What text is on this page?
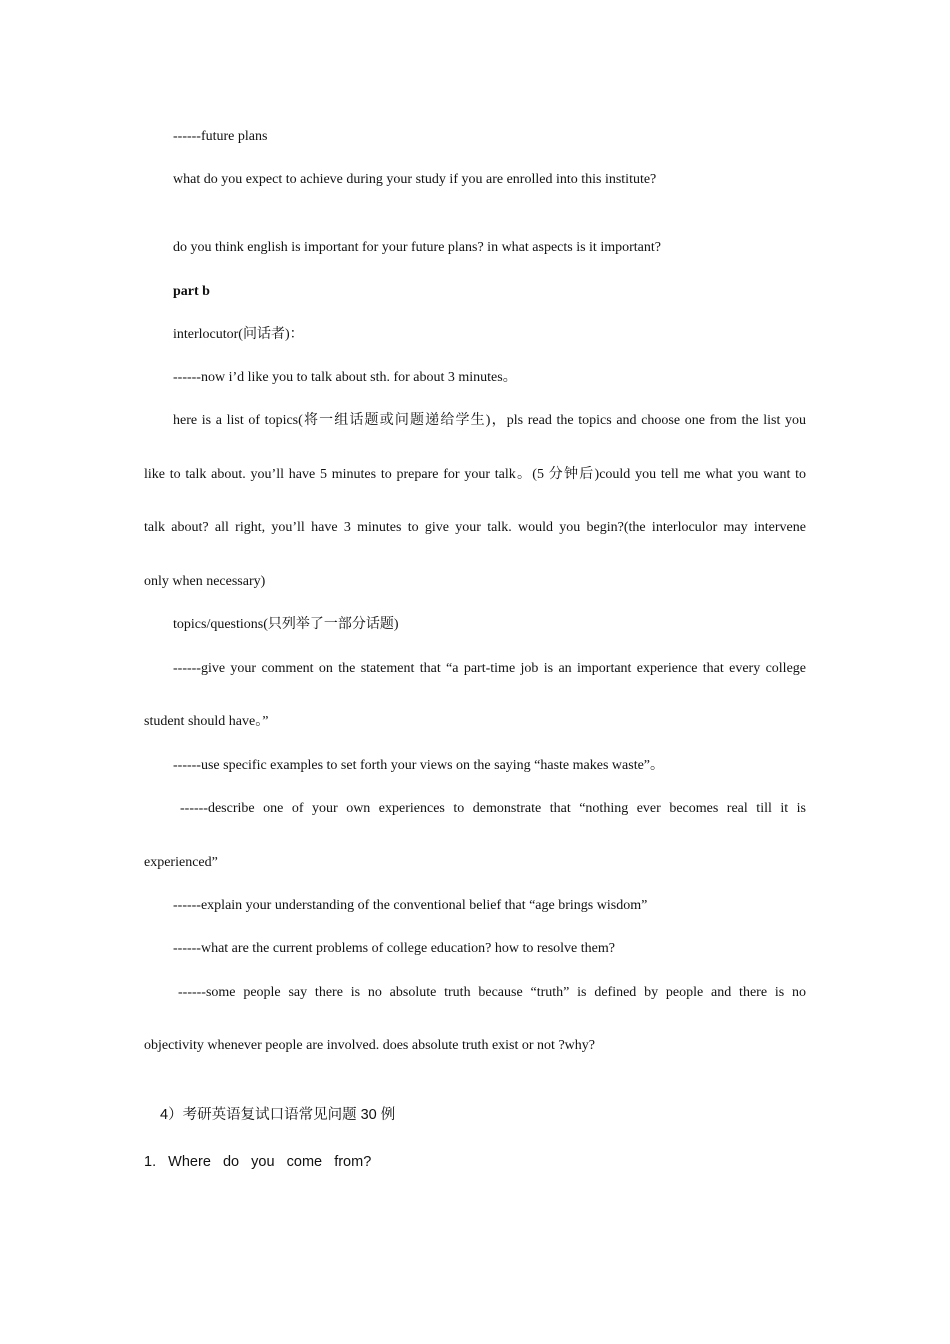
------future plans

what do you expect to achieve during your study if you are enrolled into this institute?

do you think english is important for your future plans? in what aspects is it important?

part b

interlocutor(问话者)：

------now i’d like you to talk about sth. for about 3 minutes。

here is a list of topics(将一组话题或问题递给学生)，pls read the topics and choose one from the list you

like to talk about. you’ll have 5 minutes to prepare for your talk。(5 分钟后)could you tell me what you want to

talk about? all right, you’ll have 3 minutes to give your talk. would you begin?(the interloculor may intervene

only when necessary)

topics/questions(只列举了一部分话题)

------give your comment on the statement that “a part-time job is an important experience that every college

student should have。”

------use specific examples to set forth your views on the saying “haste makes waste”。

------describe one of your own experiences to demonstrate that “nothing ever becomes real till it is

experienced”

------explain your understanding of the conventional belief that “age brings wisdom”

------what are the current problems of college education? how to resolve them?

------some people say there is no absolute truth because “truth” is defined by people and there is no

objectivity whenever people are involved. does absolute truth exist or not ?why?

4）考研英语复试口语常见问题 30 例

1.   Where   do   you   come   from?
